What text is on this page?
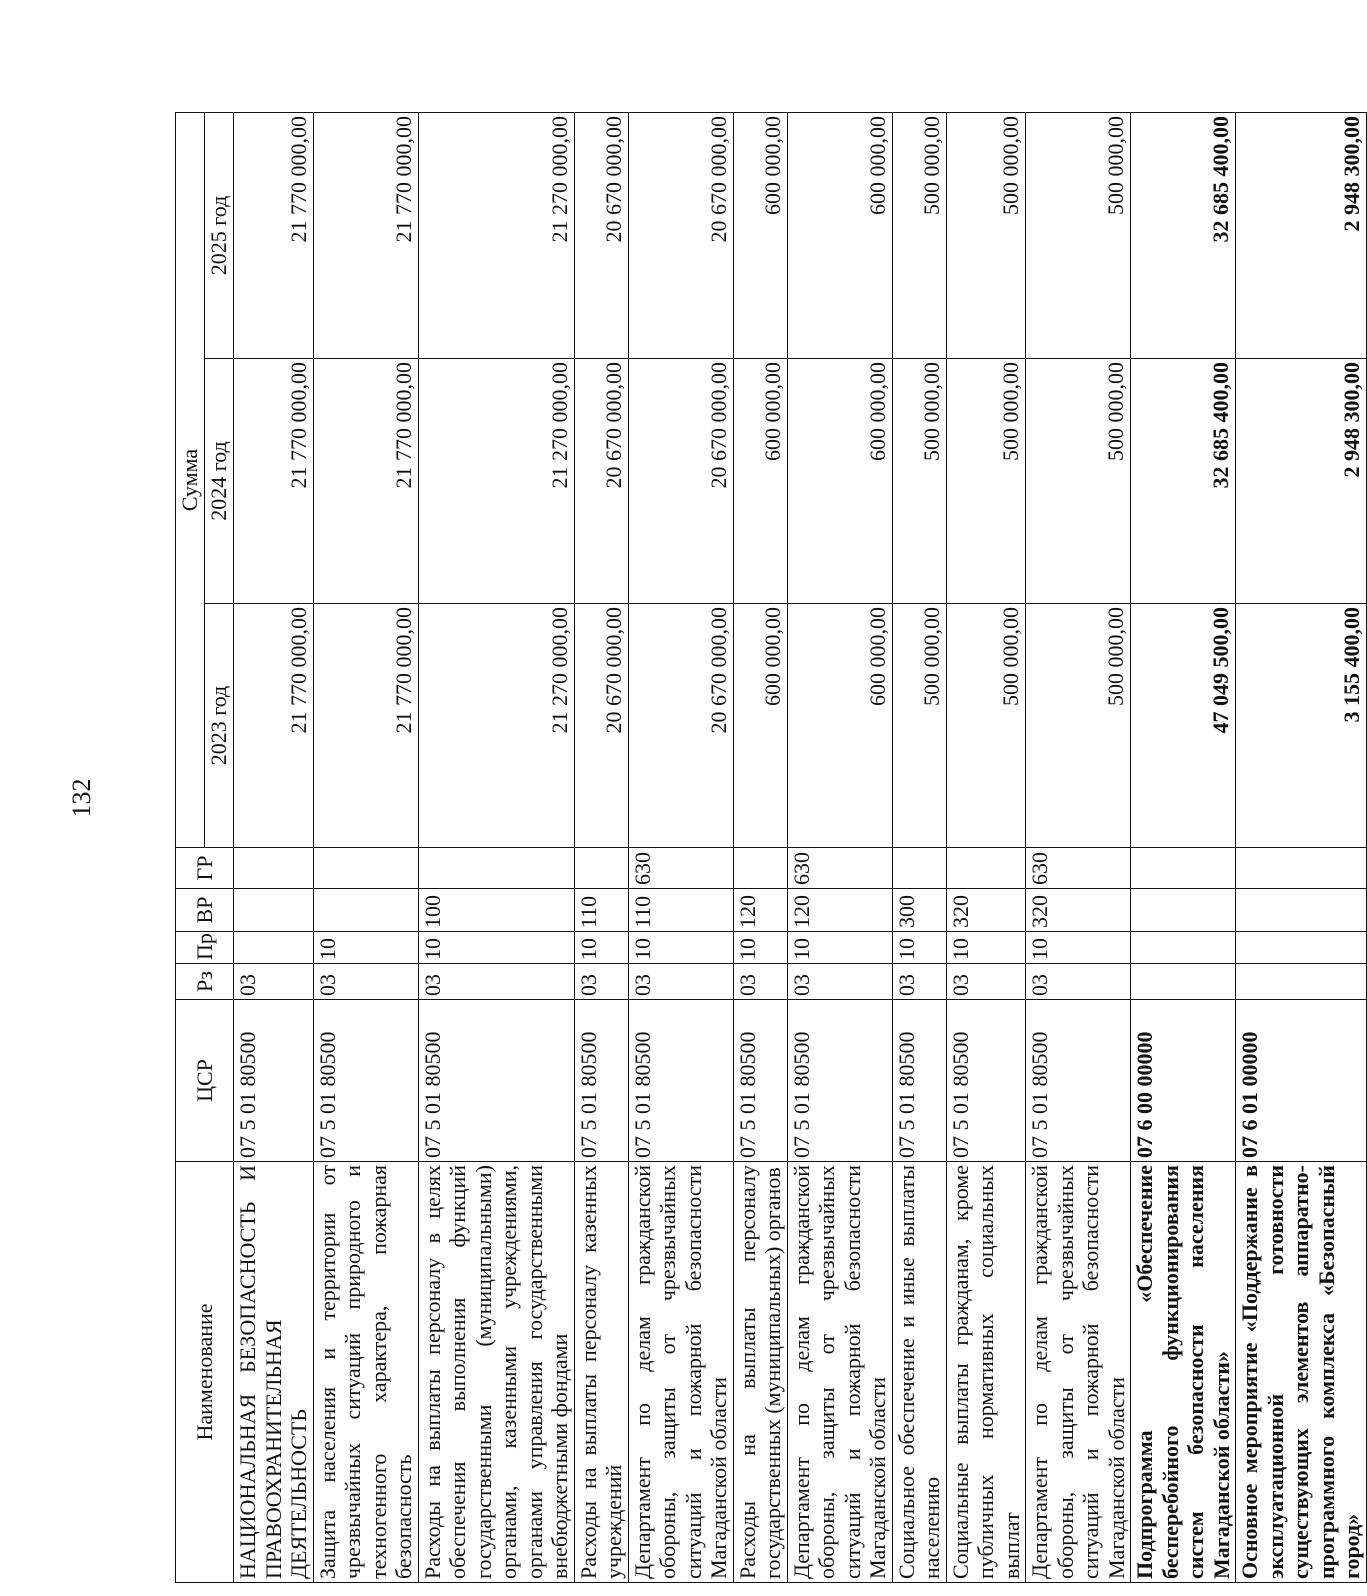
132
Наименование	ЦСР	Рз	Пр	ВР	ГР	Сумма		
						2023 год	2024 год	2025 год

НАЦИОНАЛЬНАЯ БЕЗОПАСНОСТЬ И ПРАВООХРАНИТЕЛЬНАЯ ДЕЯТЕЛЬНОСТЬ	07 5 01 80500	03				21 770 000,00	21 770 000,00	21 770 000,00

Защита населения и территории от чрезвычайных ситуаций природного и техногенного характера, пожарная безопасность	07 5 01 80500	03	10			21 770 000,00	21 770 000,00	21 770 000,00

Расходы на выплаты персоналу в целях обеспечения выполнения функций государственными (муниципальными) органами, казенными учреждениями, органами управления государственными внебюджетными фондами	07 5 01 80500	03	10	100		21 270 000,00	21 270 000,00	21 270 000,00

Расходы на выплаты персоналу казенных учреждений	07 5 01 80500	03	10	110		20 670 000,00	20 670 000,00	20 670 000,00

Департамент по делам гражданской обороны, защиты от чрезвычайных ситуаций и пожарной безопасности Магаданской области	07 5 01 80500	03	10	110	630	20 670 000,00	20 670 000,00	20 670 000,00

Расходы на выплаты персоналу государственных (муниципальных) органов	07 5 01 80500	03	10	120		600 000,00	600 000,00	600 000,00

Департамент по делам гражданской обороны, защиты от чрезвычайных ситуаций и пожарной безопасности Магаданской области	07 5 01 80500	03	10	120	630	600 000,00	600 000,00	600 000,00

Социальное обеспечение и иные выплаты населению	07 5 01 80500	03	10	300		500 000,00	500 000,00	500 000,00

Социальные выплаты гражданам, кроме публичных нормативных социальных выплат	07 5 01 80500	03	10	320		500 000,00	500 000,00	500 000,00

Департамент по делам гражданской обороны, защиты от чрезвычайных ситуаций и пожарной безопасности Магаданской области	07 5 01 80500	03	10	320	630	500 000,00	500 000,00	500 000,00

Подпрограмма «Обеспечение бесперебойного функционирования систем безопасности населения Магаданской области»	07 6 00 00000					47 049 500,00	32 685 400,00	32 685 400,00

Основное мероприятие «Поддержание в эксплуатационной готовности существующих элементов аппаратно-программного комплекса «Безопасный город»	07 6 01 00000					3 155 400,00	2 948 300,00	2 948 300,00
